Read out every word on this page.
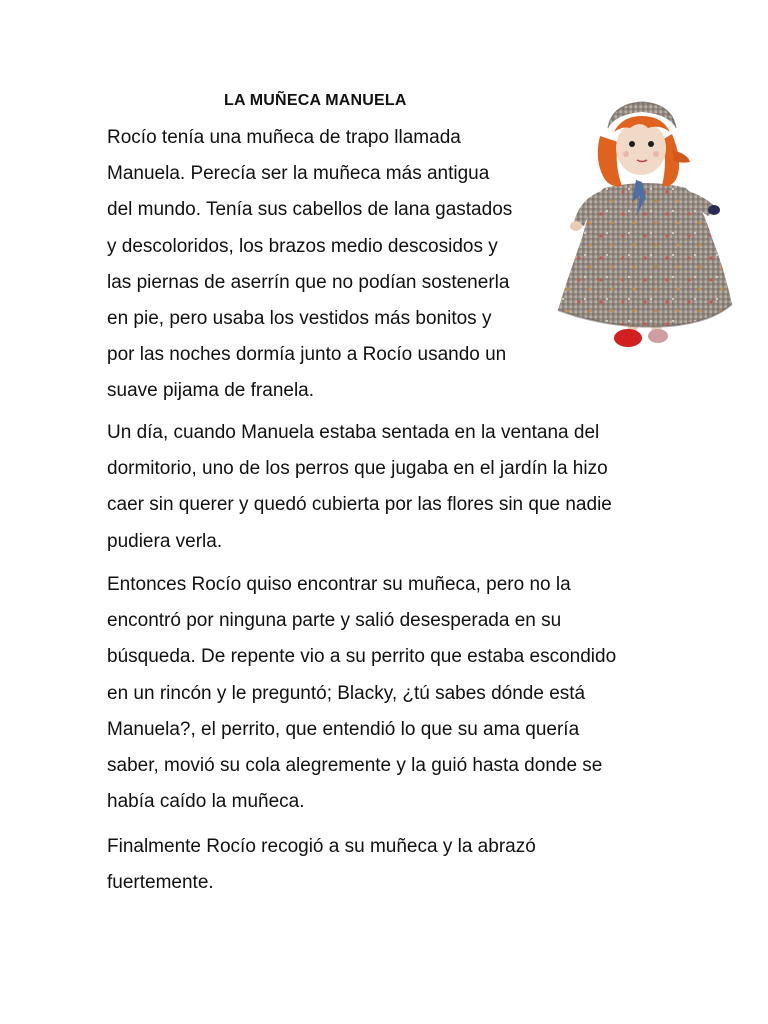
LA MUÑECA MANUELA

Rocío tenía una muñeca de trapo llamada
Manuela. Perecía ser la muñeca más antigua
del mundo. Tenía sus cabellos de lana gastados
y descoloridos, los brazos medio descosidos y
las piernas de aserrín que no podían sostenerla
en pie, pero usaba los vestidos más bonitos y
por las noches dormía junto a Rocío usando un
suave pijama de franela.

Un día, cuando Manuela estaba sentada en la ventana del
dormitorio, uno de los perros que jugaba en el jardín la hizo
caer sin querer y quedó cubierta por las flores sin que nadie
pudiera verla.

Entonces Rocío quiso encontrar su muñeca, pero no la
encontró por ninguna parte y salió desesperada en su
búsqueda. De repente vio a su perrito que estaba escondido
en un rincón y le preguntó; Blacky, ¿tú sabes dónde está
Manuela?, el perrito, que entendió lo que su ama quería
saber, movió su cola alegremente y la guió hasta donde se
había caído la muñeca.

Finalmente Rocío recogió a su muñeca y la abrazó
fuertemente.
